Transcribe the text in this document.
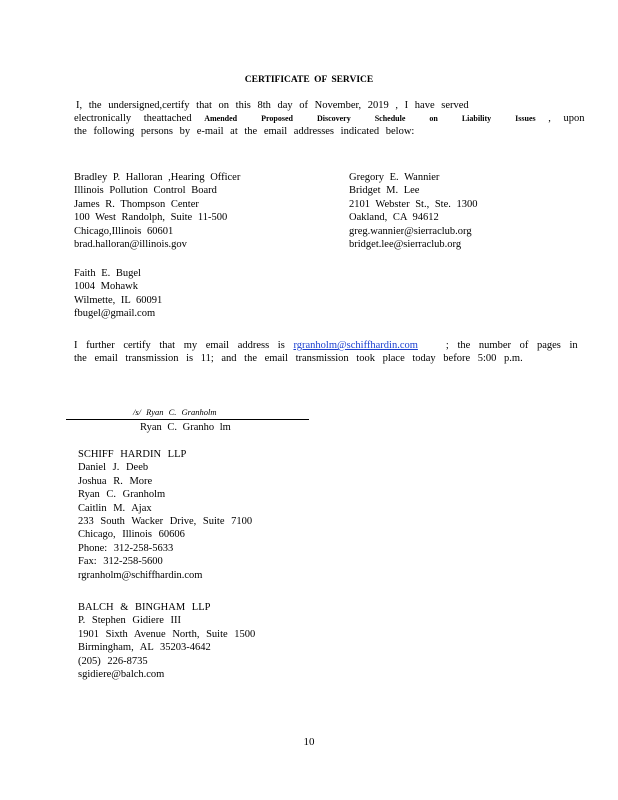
CERTIFICATE OF SERVICE
I, the undersigned,certify that on this 8th day of November, 2019 , I have served
electronically theattached Amended Proposed Discovery Schedule on Liability Issues , upon
the following persons by e-mail at the email addresses indicated below:
Bradley P. Halloran ,Hearing Officer
Illinois Pollution Control Board
James R. Thompson Center
100 West Randolph, Suite 11-500
Chicago,Illinois 60601
brad.halloran@illinois.gov
Gregory E. Wannier
Bridget M. Lee
2101 Webster St., Ste. 1300
Oakland, CA 94612
greg.wannier@sierraclub.org
bridget.lee@sierraclub.org
Faith E. Bugel
1004 Mohawk
Wilmette, IL 60091
fbugel@gmail.com
I further certify that my email address is rgranholm@schiffhardin.com	; the number of pages in
the email transmission is 11; and the email transmission took place today before 5:00 p.m.
/s/ Ryan C. Granholm
Ryan C. Granho lm
SCHIFF HARDIN LLP
Daniel J. Deeb
Joshua R. More
Ryan C. Granholm
Caitlin M. Ajax
233 South Wacker Drive, Suite 7100
Chicago, Illinois 60606
Phone: 312-258-5633
Fax: 312-258-5600
rgranholm@schiffhardin.com
BALCH & BINGHAM LLP
P. Stephen Gidiere III
1901 Sixth Avenue North, Suite 1500
Birmingham, AL 35203-4642
(205) 226-8735
sgidiere@balch.com
10
